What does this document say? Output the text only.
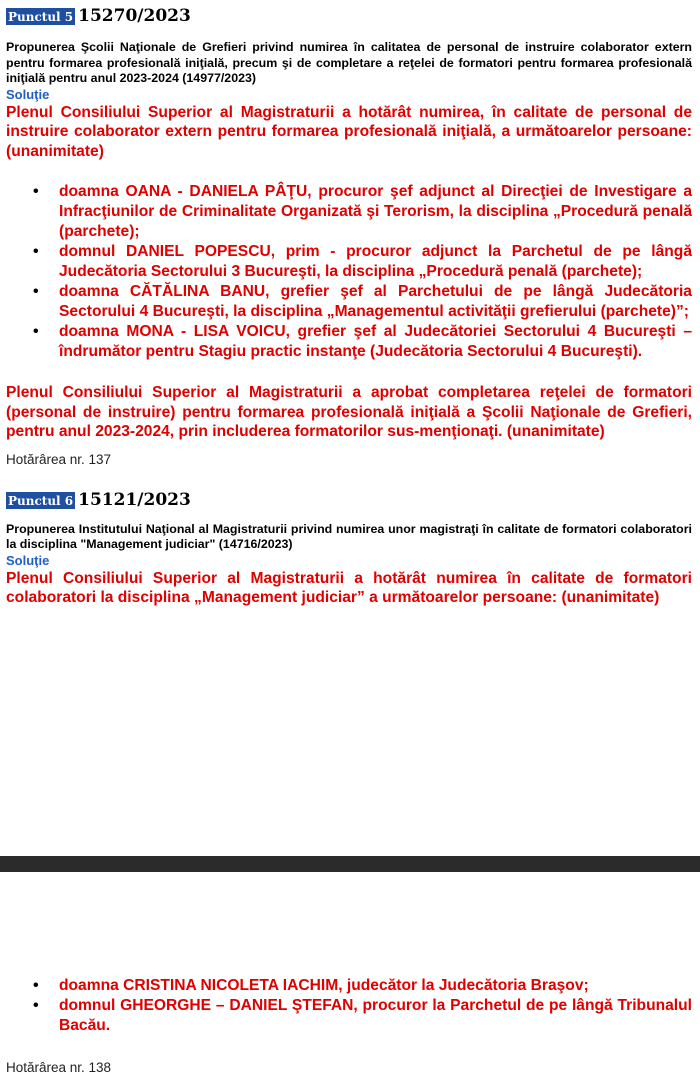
Punctul 5 15270/2023

Propunerea Şcolii Naţionale de Grefieri privind numirea în calitatea de personal de instruire colaborator extern pentru formarea profesională iniţială, precum şi de completare a reţelei de formatori pentru formarea profesională iniţială pentru anul 2023-2024 (14977/2023)

Soluţie

Plenul Consiliului Superior al Magistraturii a hotărât numirea, în calitate de personal de instruire colaborator extern pentru formarea profesională iniţială, a următoarelor persoane: (unanimitate)

• doamna OANA - DANIELA PÂŢU, procuror şef adjunct al Direcţiei de Investigare a Infracţiunilor de Criminalitate Organizată şi Terorism, la disciplina „Procedură penală (parchete);
• domnul DANIEL POPESCU, prim - procuror adjunct la Parchetul de pe lângă Judecătoria Sectorului 3 Bucureşti, la disciplina „Procedură penală (parchete);
• doamna CĂTĂLINA BANU, grefier şef al Parchetului de pe lângă Judecătoria Sectorului 4 Bucureşti, la disciplina „Managementul activităţii grefierului (parchete)”;
• doamna MONA - LISA VOICU, grefier şef al Judecătoriei Sectorului 4 Bucureşti – îndrumător pentru Stagiu practic instanţe (Judecătoria Sectorului 4 Bucureşti).

Plenul Consiliului Superior al Magistraturii a aprobat completarea reţelei de formatori (personal de instruire) pentru formarea profesională iniţială a Şcolii Naţionale de Grefieri, pentru anul 2023-2024, prin includerea formatorilor sus-menţionaţi. (unanimitate)

Hotărârea nr. 137
Punctul 6 15121/2023

Propunerea Institutului Naţional al Magistraturii privind numirea unor magistraţi în calitate de formatori colaboratori la disciplina "Management judiciar" (14716/2023)

Soluţie

Plenul Consiliului Superior al Magistraturii a hotărât numirea în calitate de formatori colaboratori la disciplina „Management judiciar” a următoarelor persoane: (unanimitate)

• doamna CRISTINA NICOLETA IACHIM, judecător la Judecătoria Braşov;
• domnul GHEORGHE – DANIEL ŞTEFAN, procuror la Parchetul de pe lângă Tribunalul Bacău.
Hotărârea nr. 138
